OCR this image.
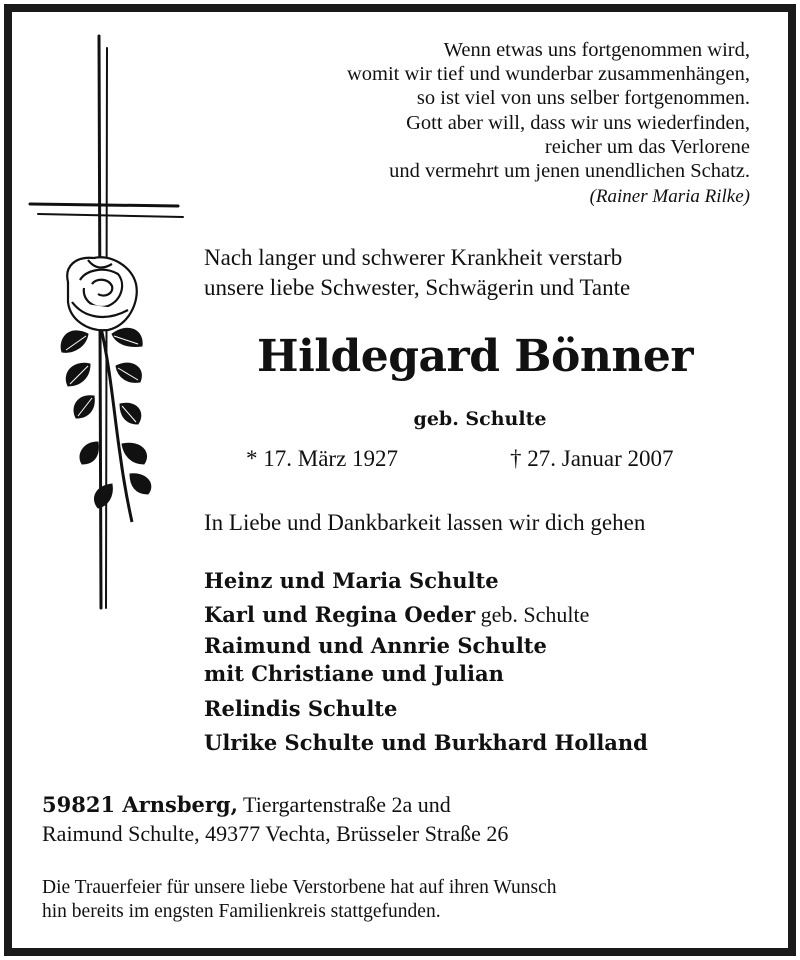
Wenn etwas uns fortgenommen wird,
womit wir tief und wunderbar zusammenhängen,
so ist viel von uns selber fortgenommen.
Gott aber will, dass wir uns wiederfinden,
reicher um das Verlorene
und vermehrt um jenen unendlichen Schatz.
(Rainer Maria Rilke)
Nach langer und schwerer Krankheit verstarb
unsere liebe Schwester, Schwägerin und Tante
Hildegard Bönner
geb. Schulte
* 17. März 1927	† 27. Januar 2007
In Liebe und Dankbarkeit lassen wir dich gehen
Heinz und Maria Schulte
Karl und Regina Oeder geb. Schulte
Raimund und Annrie Schulte
mit Christiane und Julian
Relindis Schulte
Ulrike Schulte und Burkhard Holland
59821 Arnsberg, Tiergartenstraße 2a und
Raimund Schulte, 49377 Vechta, Brüsseler Straße 26
Die Trauerfeier für unsere liebe Verstorbene hat auf ihren Wunsch
hin bereits im engsten Familienkreis stattgefunden.
